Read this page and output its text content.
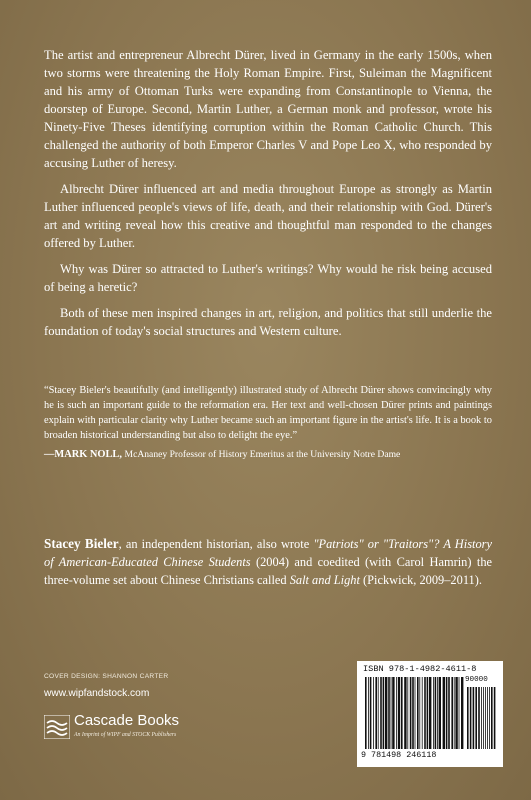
The artist and entrepreneur Albrecht Dürer, lived in Germany in the early 1500s, when two storms were threatening the Holy Roman Empire. First, Suleiman the Magnificent and his army of Ottoman Turks were expanding from Constantinople to Vienna, the doorstep of Europe. Second, Martin Luther, a German monk and professor, wrote his Ninety-Five Theses identifying corruption within the Roman Catholic Church. This challenged the authority of both Emperor Charles V and Pope Leo X, who responded by accusing Luther of heresy.

Albrecht Dürer influenced art and media throughout Europe as strongly as Martin Luther influenced people's views of life, death, and their relationship with God. Dürer's art and writing reveal how this creative and thoughtful man responded to the changes offered by Luther.

Why was Dürer so attracted to Luther's writings? Why would he risk being accused of being a heretic?

Both of these men inspired changes in art, religion, and politics that still underlie the foundation of today's social structures and Western culture.

“Stacey Bieler's beautifully (and intelligently) illustrated study of Albrecht Dürer shows convincingly why he is such an important guide to the reformation era. Her text and well-chosen Dürer prints and paintings explain with particular clarity why Luther became such an important figure in the artist's life. It is a book to broaden historical understanding but also to delight the eye.”
—MARK NOLL, McAnaney Professor of History Emeritus at the University Notre Dame
Stacey Bieler, an independent historian, also wrote "Patriots" or "Traitors"? A History of American-Educated Chinese Students (2004) and coedited (with Carol Hamrin) the three-volume set about Chinese Christians called Salt and Light (Pickwick, 2009–2011).
COVER DESIGN: SHANNON CARTER
www.wipfandstock.com
Cascade Books
An Imprint of WIPF and STOCK Publishers
ISBN 978-1-4982-4611-8
90000
9 781498 246118
